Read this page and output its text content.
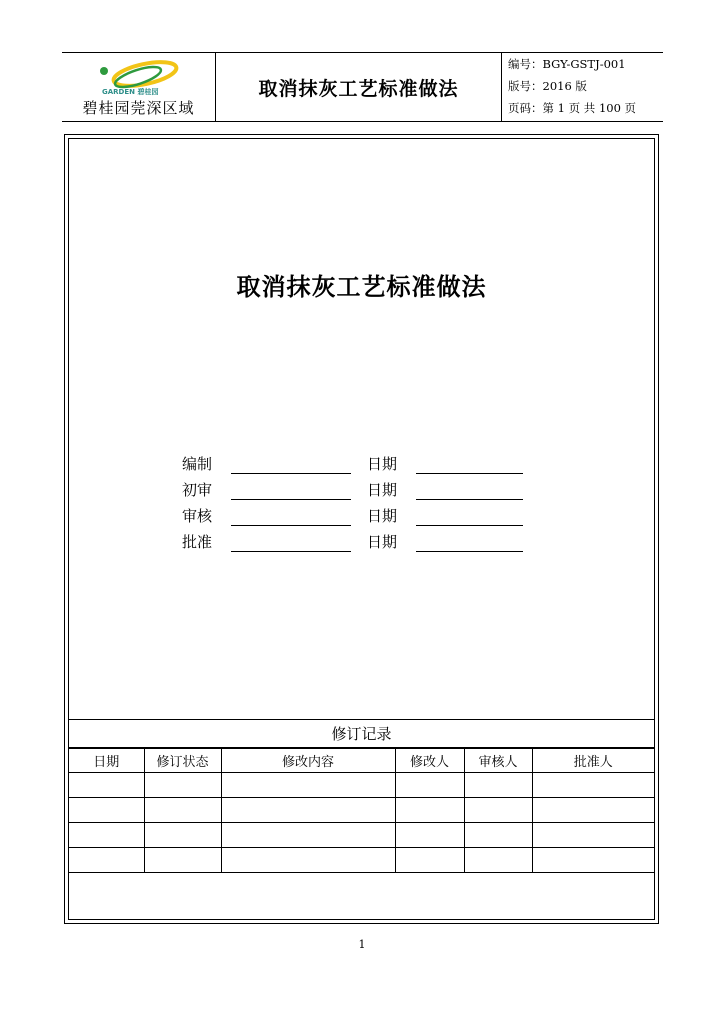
GARDEN 碧桂园
碧桂园莞深区域
取消抹灰工艺标准做法
编号：BGY-GSTJ-001
版号：2016 版
页码：第 1 页 共 100 页
取消抹灰工艺标准做法
编制	日期
初审	日期
审核	日期
批准	日期
修订记录
日期	修订状态	修改内容	修改人	审核人	批准人

1
